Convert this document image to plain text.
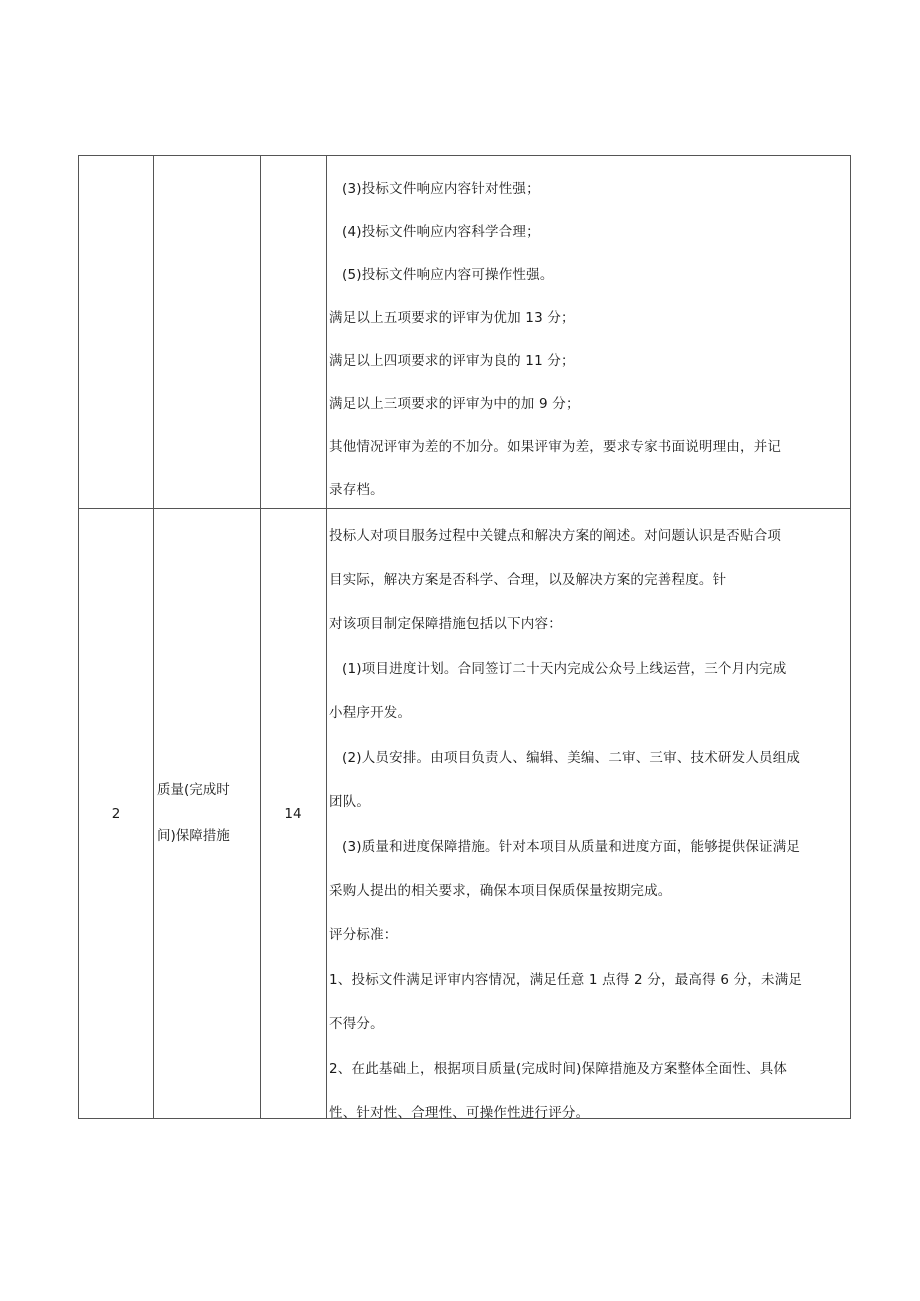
(3)投标文件响应内容针对性强；
(4)投标文件响应内容科学合理；
(5)投标文件响应内容可操作性强。
满足以上五项要求的评审为优加 13 分；
满足以上四项要求的评审为良的 11 分；
满足以上三项要求的评审为中的加 9 分；
其他情况评审为差的不加分。如果评审为差，要求专家书面说明理由，并记
录存档。
2
质量(完成时
间)保障措施
14
投标人对项目服务过程中关键点和解决方案的阐述。对问题认识是否贴合项
目实际，解决方案是否科学、合理，以及解决方案的完善程度。针
对该项目制定保障措施包括以下内容：
(1)项目进度计划。合同签订二十天内完成公众号上线运营，三个月内完成
小程序开发。
(2)人员安排。由项目负责人、编辑、美编、二审、三审、技术研发人员组成
团队。
(3)质量和进度保障措施。针对本项目从质量和进度方面，能够提供保证满足
采购人提出的相关要求，确保本项目保质保量按期完成。
评分标准：
1、投标文件满足评审内容情况，满足任意 1 点得 2 分，最高得 6 分，未满足
不得分。
2、在此基础上，根据项目质量(完成时间)保障措施及方案整体全面性、具体
性、针对性、合理性、可操作性进行评分。
